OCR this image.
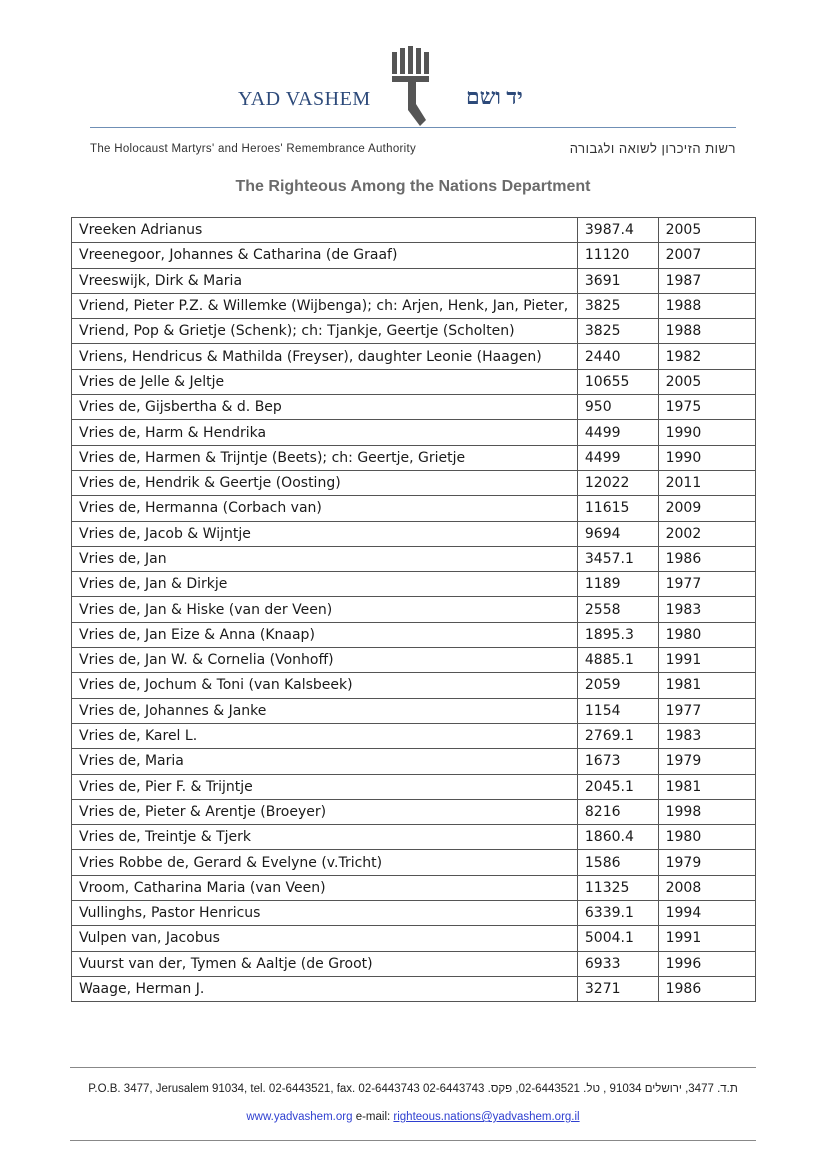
YAD VASHEM	יד ושם
The Holocaust Martyrs' and Heroes' Remembrance Authority	רשות הזיכרון לשואה ולגבורה
The Righteous Among the Nations Department
Vreeken Adrianus	3987.4	2005
Vreenegoor, Johannes & Catharina (de Graaf)	11120	2007
Vreeswijk, Dirk & Maria	3691	1987
Vriend, Pieter P.Z. & Willemke (Wijbenga); ch: Arjen, Henk, Jan, Pieter,	3825	1988
Vriend, Pop & Grietje (Schenk); ch: Tjankje, Geertje (Scholten)	3825	1988
Vriens, Hendricus & Mathilda (Freyser), daughter Leonie (Haagen)	2440	1982
Vries de Jelle & Jeltje	10655	2005
Vries de, Gijsbertha & d. Bep	950	1975
Vries de, Harm & Hendrika	4499	1990
Vries de, Harmen & Trijntje (Beets); ch: Geertje, Grietje	4499	1990
Vries de, Hendrik & Geertje (Oosting)	12022	2011
Vries de, Hermanna (Corbach van)	11615	2009
Vries de, Jacob & Wijntje	9694	2002
Vries de, Jan	3457.1	1986
Vries de, Jan & Dirkje	1189	1977
Vries de, Jan & Hiske (van der Veen)	2558	1983
Vries de, Jan Eize & Anna (Knaap)	1895.3	1980
Vries de, Jan W. & Cornelia (Vonhoff)	4885.1	1991
Vries de, Jochum & Toni (van Kalsbeek)	2059	1981
Vries de, Johannes & Janke	1154	1977
Vries de, Karel L.	2769.1	1983
Vries de, Maria	1673	1979
Vries de, Pier F. & Trijntje	2045.1	1981
Vries de, Pieter & Arentje (Broeyer)	8216	1998
Vries de, Treintje & Tjerk	1860.4	1980
Vries Robbe de, Gerard & Evelyne (v.Tricht)	1586	1979
Vroom, Catharina Maria (van Veen)	11325	2008
Vullinghs, Pastor Henricus	6339.1	1994
Vulpen van, Jacobus	5004.1	1991
Vuurst van der, Tymen & Aaltje (de Groot)	6933	1996
Waage, Herman J.	3271	1986
P.O.B. 3477, Jerusalem 91034, tel. 02-6443521, fax. 02-6443743 ת.ד. 3477, ירושלים 91034 , טל. 02-6443521, פקס. 02-6443743
www.yadvashem.org e-mail: righteous.nations@yadvashem.org.il
